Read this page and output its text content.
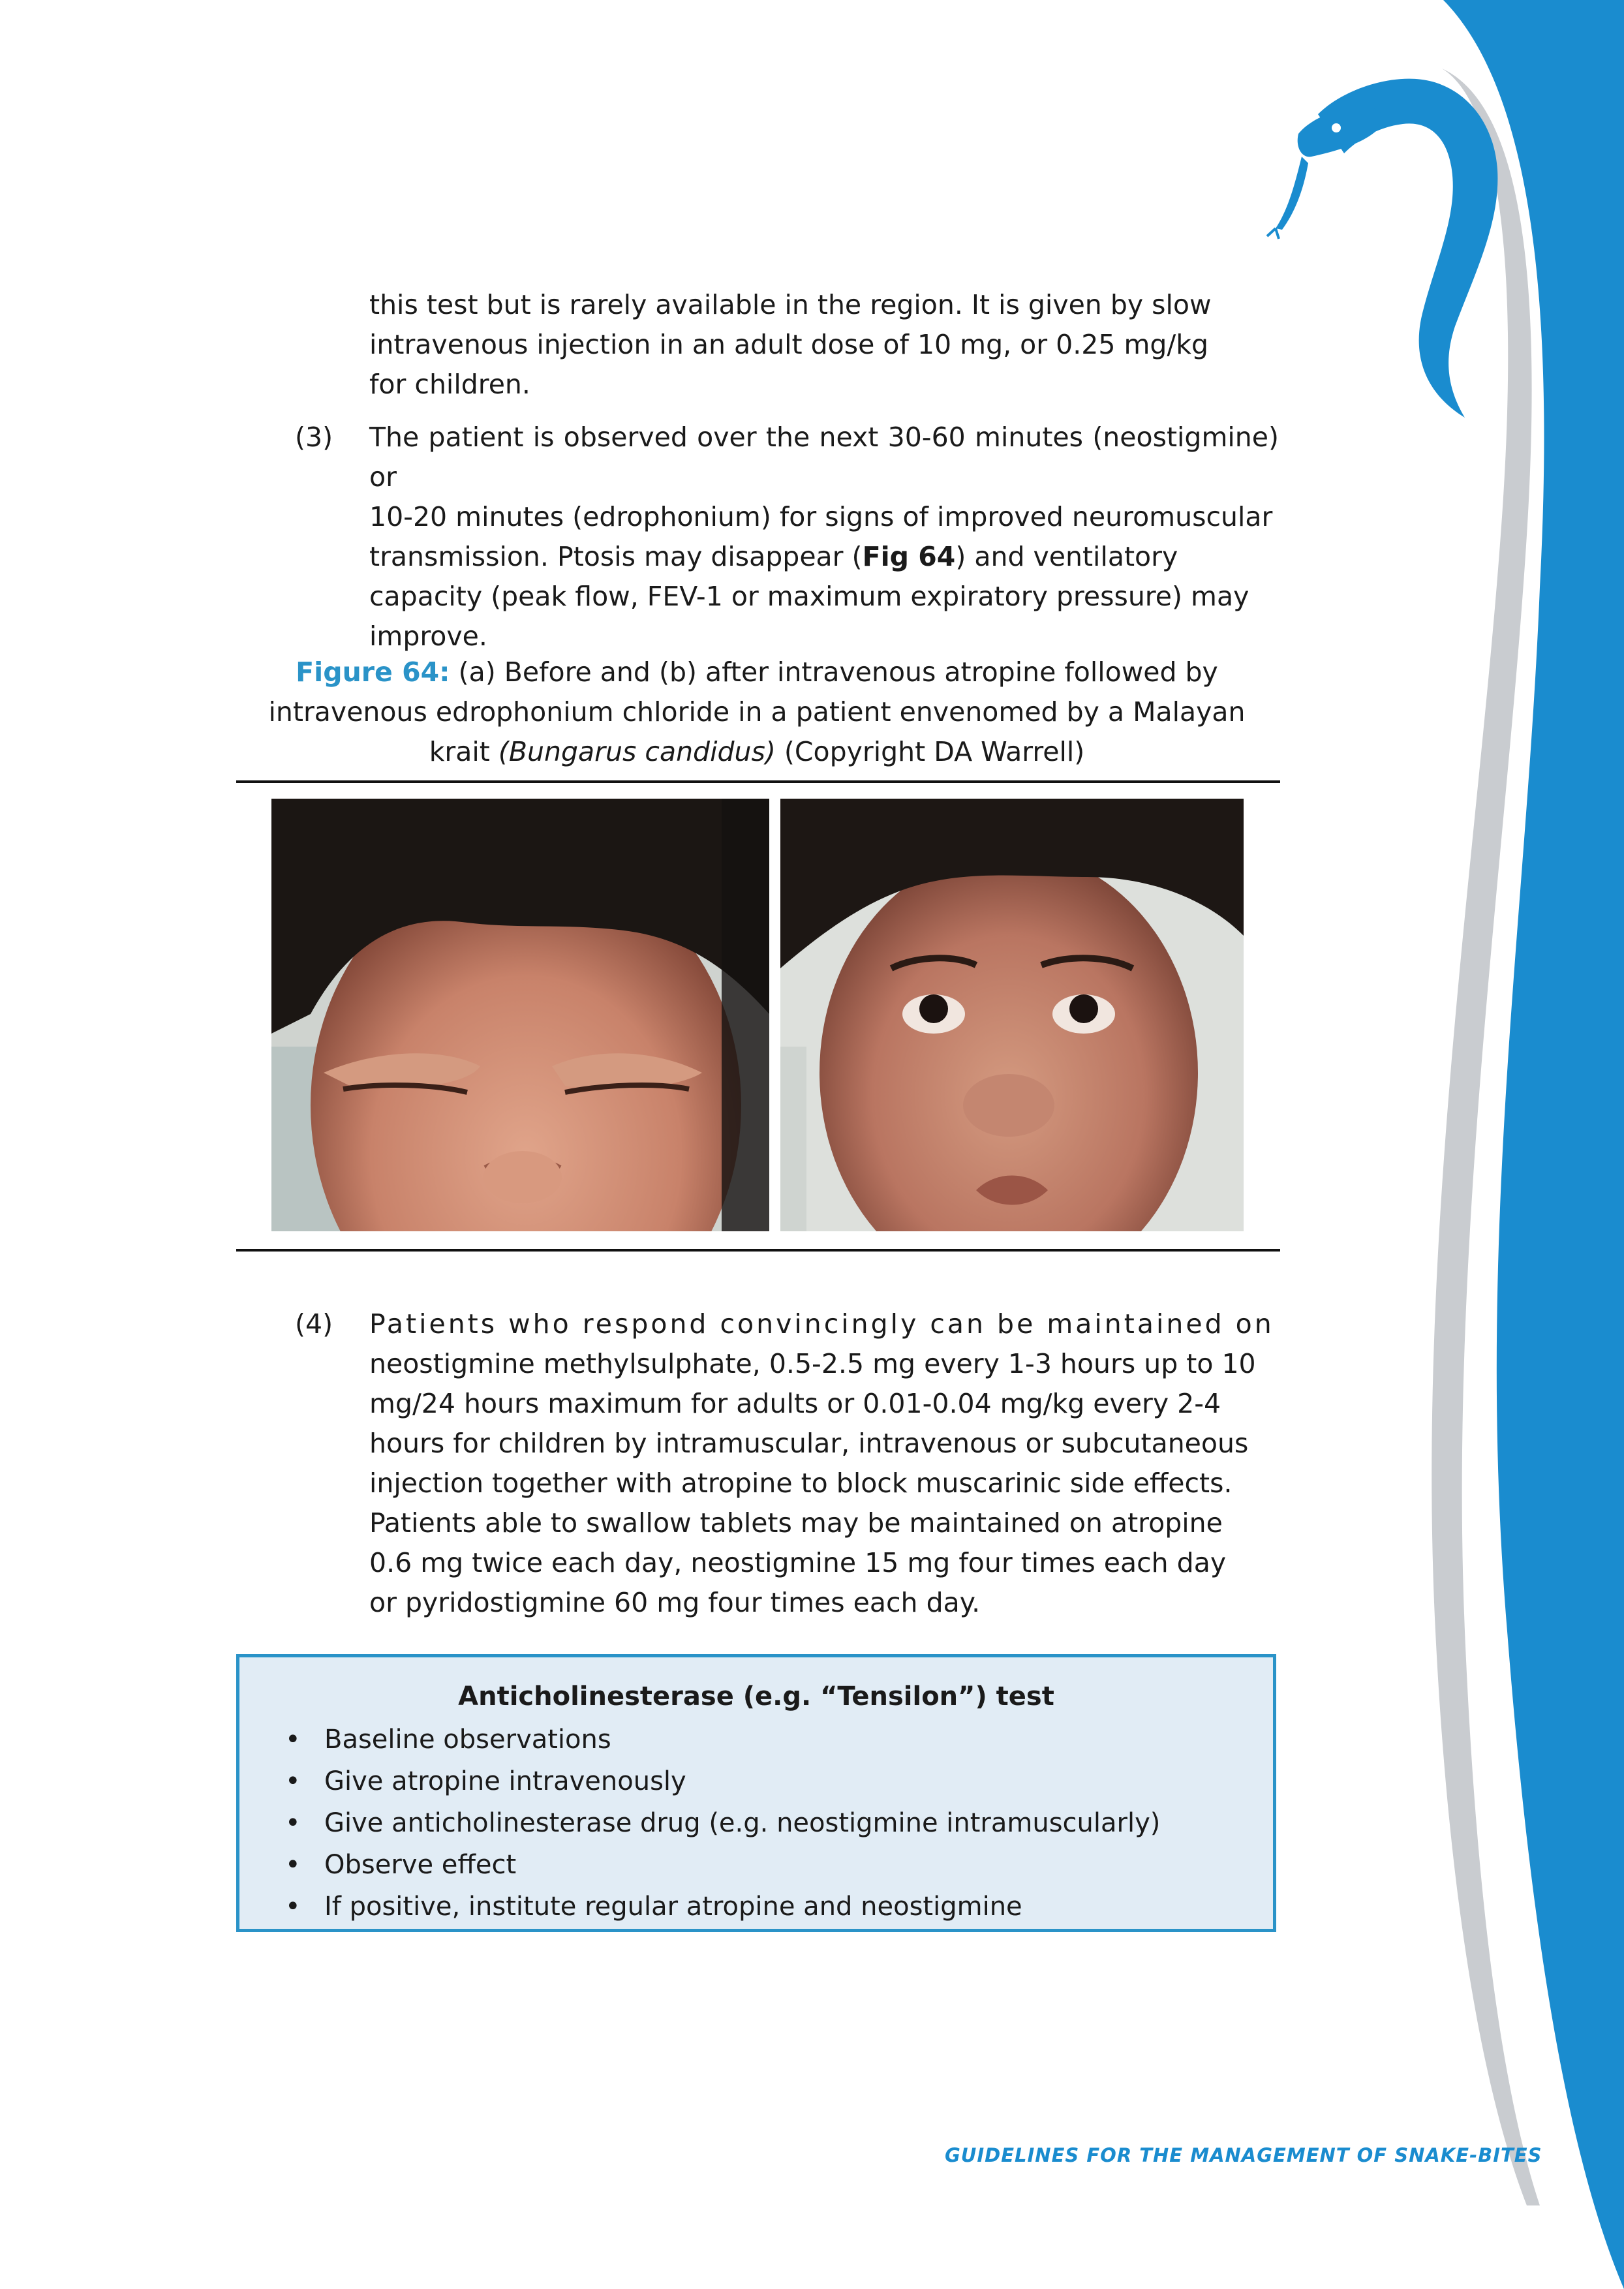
this test but is rarely available in the region. It is given by slow
intravenous injection in an adult dose of 10 mg, or 0.25 mg/kg
for children.
(3) The patient is observed over the next 30-60 minutes (neostigmine) or
10-20 minutes (edrophonium) for signs of improved neuromuscular
transmission. Ptosis may disappear (Fig 64) and ventilatory
capacity (peak flow, FEV-1 or maximum expiratory pressure) may
improve.
Figure 64: (a) Before and (b) after intravenous atropine followed by
intravenous edrophonium chloride in a patient envenomed by a Malayan
krait (Bungarus candidus) (Copyright DA Warrell)
(4) Patients who respond convincingly can be maintained on
neostigmine methylsulphate, 0.5-2.5 mg every 1-3 hours up to 10
mg/24 hours maximum for adults or 0.01-0.04 mg/kg every 2-4
hours for children by intramuscular, intravenous or subcutaneous
injection together with atropine to block muscarinic side effects.
Patients able to swallow tablets may be maintained on atropine
0.6 mg twice each day, neostigmine 15 mg four times each day
or pyridostigmine 60 mg four times each day.
Anticholinesterase (e.g. “Tensilon”) test
• Baseline observations
• Give atropine intravenously
• Give anticholinesterase drug (e.g. neostigmine intramuscularly)
• Observe effect
• If positive, institute regular atropine and neostigmine
GUIDELINES FOR THE MANAGEMENT OF SNAKE-BITES
